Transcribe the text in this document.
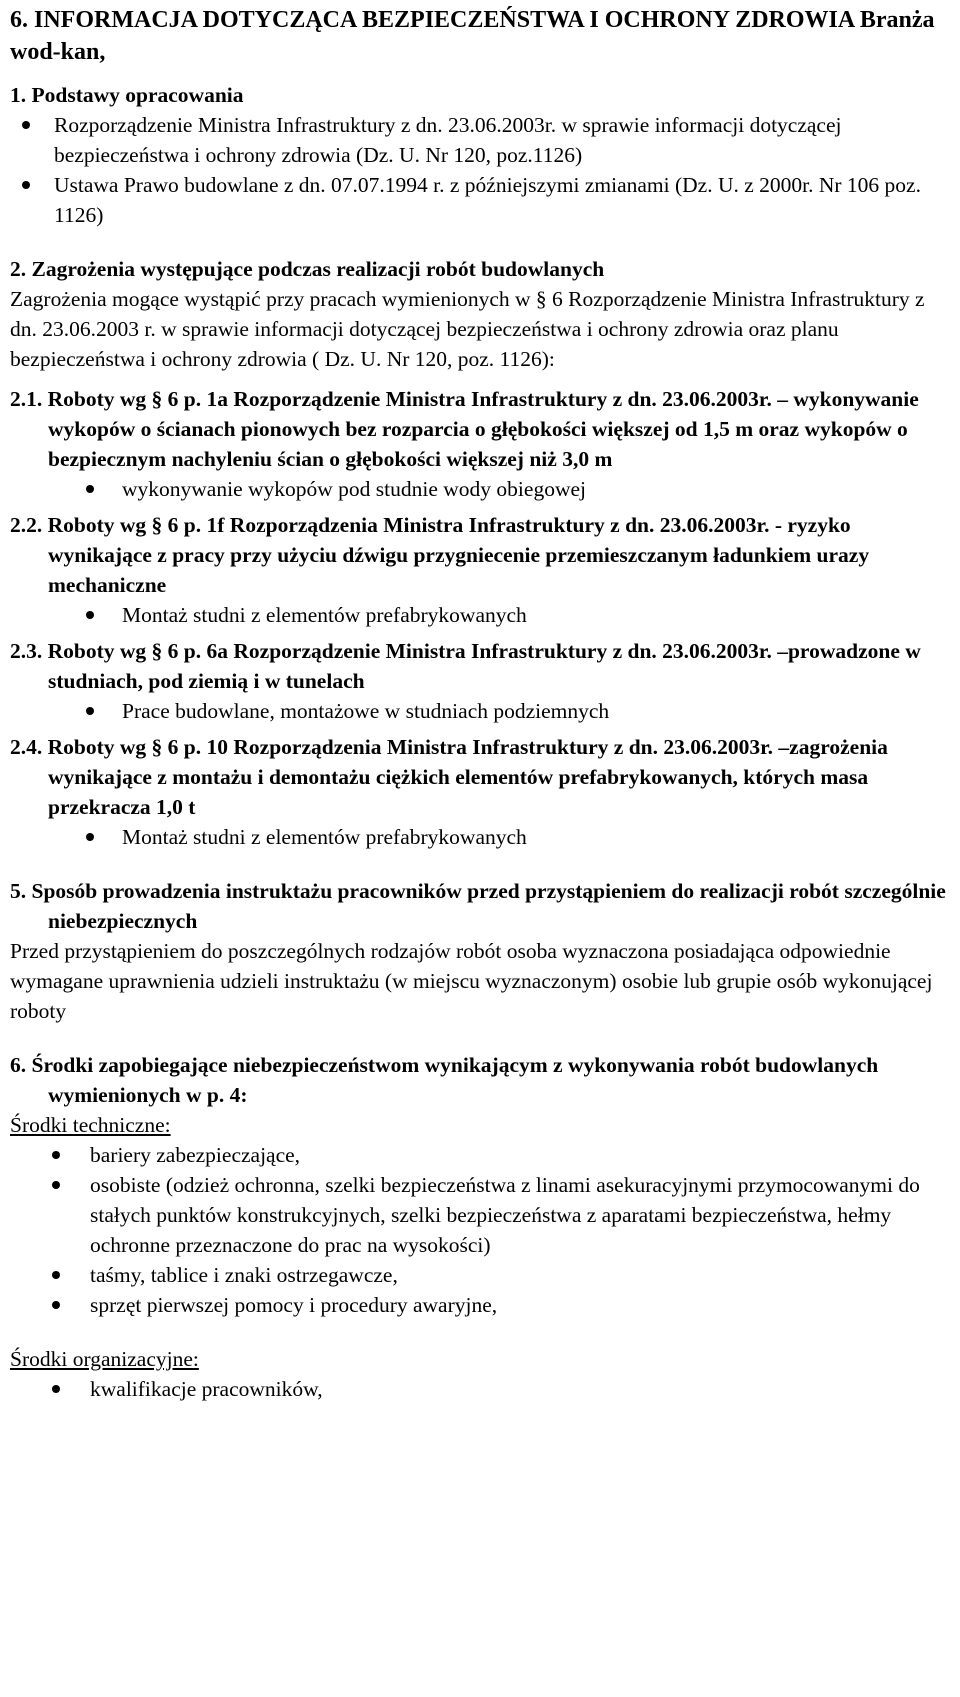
6. INFORMACJA DOTYCZĄCA BEZPIECZEŃSTWA I OCHRONY ZDROWIA Branża wod-kan,

1. Podstawy opracowania

Rozporządzenie Ministra Infrastruktury z dn. 23.06.2003r. w sprawie informacji dotyczącej bezpieczeństwa i ochrony zdrowia (Dz. U. Nr 120, poz.1126)
Ustawa Prawo budowlane z dn. 07.07.1994 r. z późniejszymi zmianami (Dz. U. z 2000r. Nr 106 poz. 1126)

2. Zagrożenia występujące podczas realizacji robót budowlanych

Zagrożenia mogące wystąpić przy pracach wymienionych w § 6 Rozporządzenie Ministra Infrastruktury z dn. 23.06.2003 r. w sprawie informacji dotyczącej bezpieczeństwa i ochrony zdrowia oraz planu bezpieczeństwa i ochrony zdrowia ( Dz. U. Nr 120, poz. 1126):

2.1. Roboty wg § 6 p. 1a Rozporządzenie Ministra Infrastruktury z dn. 23.06.2003r. – wykonywanie wykopów o ścianach pionowych bez rozparcia o głębokości większej od 1,5 m oraz wykopów o bezpiecznym nachyleniu ścian o głębokości większej niż 3,0 m

wykonywanie wykopów pod studnie wody obiegowej

2.2. Roboty wg § 6 p. 1f Rozporządzenia Ministra Infrastruktury z dn. 23.06.2003r. - ryzyko wynikające z pracy przy użyciu dźwigu przygniecenie przemieszczanym ładunkiem urazy mechaniczne

Montaż studni z elementów prefabrykowanych

2.3. Roboty wg § 6 p. 6a Rozporządzenie Ministra Infrastruktury z dn. 23.06.2003r. –prowadzone w studniach, pod ziemią i w tunelach

Prace budowlane, montażowe w studniach podziemnych

2.4. Roboty wg § 6 p. 10 Rozporządzenia Ministra Infrastruktury z dn. 23.06.2003r. –zagrożenia wynikające z montażu i demontażu ciężkich elementów prefabrykowanych, których masa przekracza 1,0 t

Montaż studni z elementów prefabrykowanych

5. Sposób prowadzenia instruktażu pracowników przed przystąpieniem do realizacji robót szczególnie niebezpiecznych

Przed przystąpieniem do poszczególnych rodzajów robót osoba wyznaczona posiadająca odpowiednie wymagane uprawnienia udzieli instruktażu (w miejscu wyznaczonym) osobie lub grupie osób wykonującej roboty

6. Środki zapobiegające niebezpieczeństwom wynikającym z wykonywania robót budowlanych wymienionych w p. 4:

Środki techniczne:

bariery zabezpieczające,
osobiste (odzież ochronna, szelki bezpieczeństwa z linami asekuracyjnymi przymocowanymi do stałych punktów konstrukcyjnych, szelki bezpieczeństwa z aparatami bezpieczeństwa, hełmy ochronne przeznaczone do prac na wysokości)
taśmy, tablice i znaki ostrzegawcze,
sprzęt pierwszej pomocy i procedury awaryjne,

Środki organizacyjne:

kwalifikacje pracowników,
